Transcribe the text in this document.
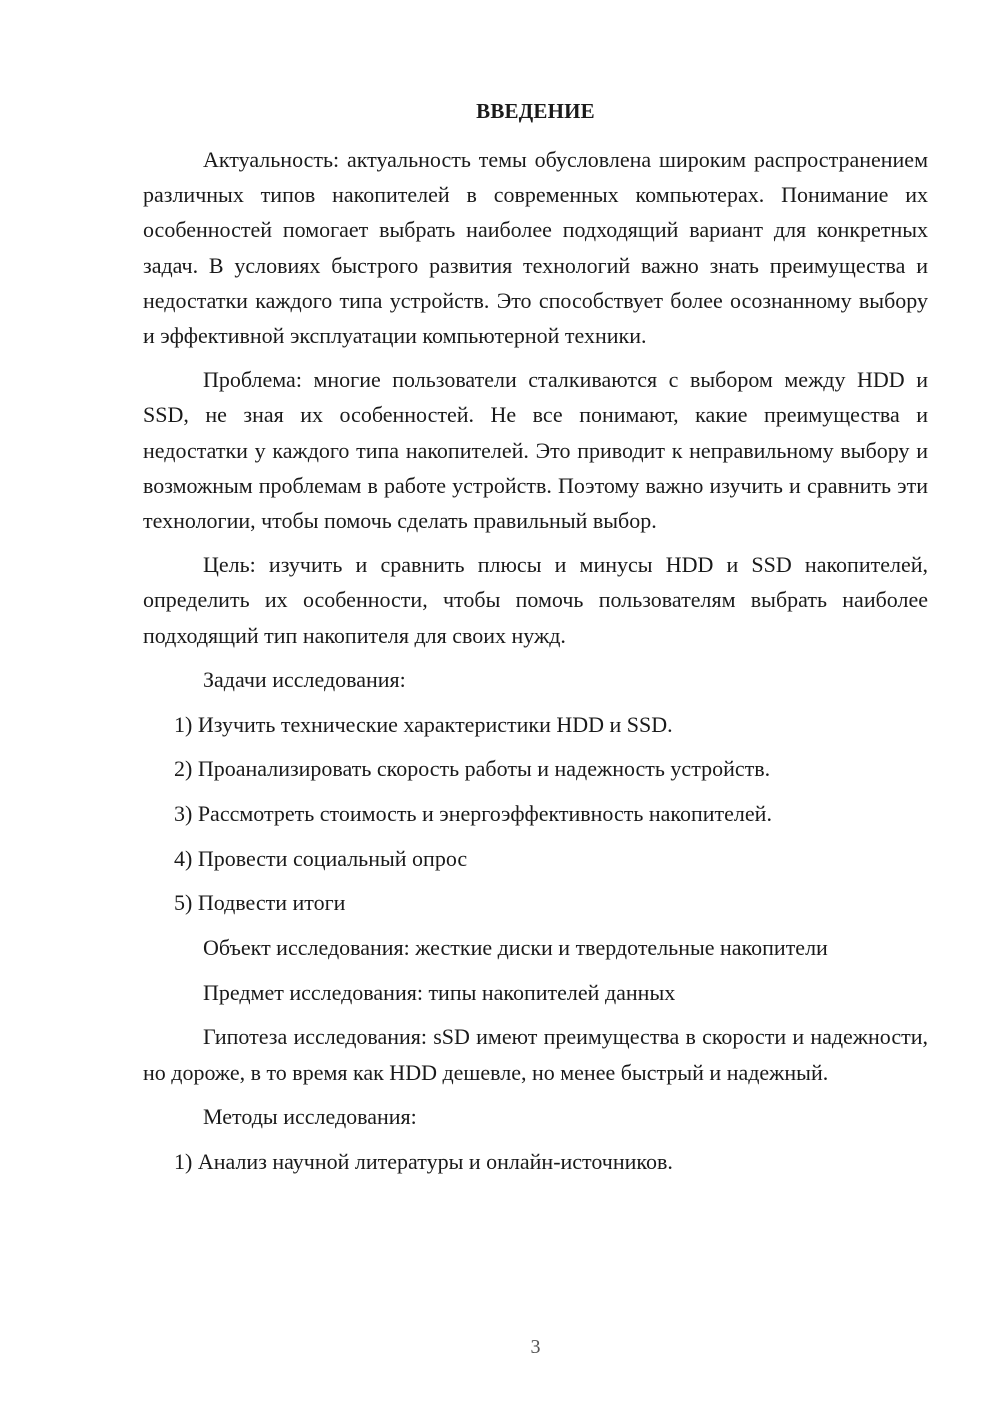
ВВЕДЕНИЕ

Актуальность: актуальность темы обусловлена широким распространением различных типов накопителей в современных компьютерах. Понимание их особенностей помогает выбрать наиболее подходящий вариант для конкретных задач. В условиях быстрого развития технологий важно знать преимущества и недостатки каждого типа устройств. Это способствует более осознанному выбору и эффективной эксплуатации компьютерной техники.

Проблема: многие пользователи сталкиваются с выбором между HDD и SSD, не зная их особенностей. Не все понимают, какие преимущества и недостатки у каждого типа накопителей. Это приводит к неправильному выбору и возможным проблемам в работе устройств. Поэтому важно изучить и сравнить эти технологии, чтобы помочь сделать правильный выбор.

Цель: изучить и сравнить плюсы и минусы HDD и SSD накопителей, определить их особенности, чтобы помочь пользователям выбрать наиболее подходящий тип накопителя для своих нужд.

Задачи исследования:

1) Изучить технические характеристики HDD и SSD.

2) Проанализировать скорость работы и надежность устройств.

3) Рассмотреть стоимость и энергоэффективность накопителей.

4) Провести социальный опрос

5) Подвести итоги

Объект исследования: жесткие диски и твердотельные накопители

Предмет исследования: типы накопителей данных

Гипотеза исследования: sSD имеют преимущества в скорости и надежности, но дороже, в то время как HDD дешевле, но менее быстрый и надежный.

Методы исследования:

1) Анализ научной литературы и онлайн-источников.

3
